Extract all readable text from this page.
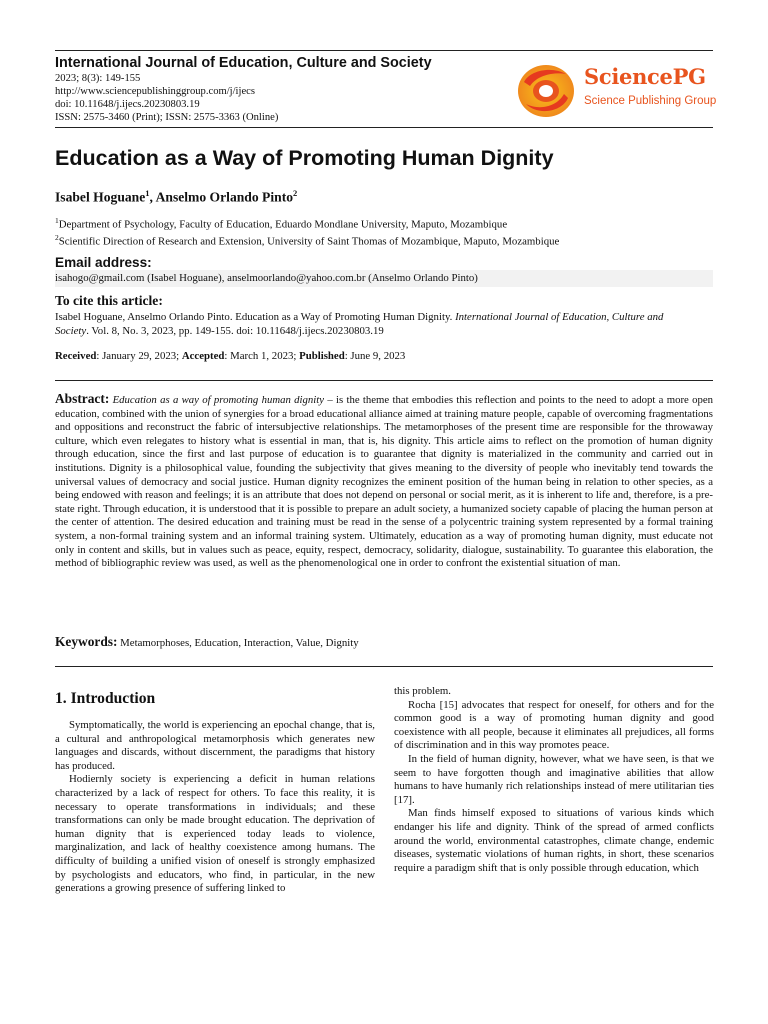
International Journal of Education, Culture and Society
2023; 8(3): 149-155
http://www.sciencepublishinggroup.com/j/ijecs
doi: 10.11648/j.ijecs.20230803.19
ISSN: 2575-3460 (Print); ISSN: 2575-3363 (Online)
SciencePG
Science Publishing Group
Education as a Way of Promoting Human Dignity
Isabel Hoguane$^1$, Anselmo Orlando Pinto$^2$
$^1$Department of Psychology, Faculty of Education, Eduardo Mondlane University, Maputo, Mozambique
$^2$Scientific Direction of Research and Extension, University of Saint Thomas of Mozambique, Maputo, Mozambique
Email address:
isahogo@gmail.com (Isabel Hoguane), anselmoorlando@yahoo.com.br (Anselmo Orlando Pinto)
To cite this article:
Isabel Hoguane, Anselmo Orlando Pinto. Education as a Way of Promoting Human Dignity. International Journal of Education, Culture and
Society. Vol. 8, No. 3, 2023, pp. 149-155. doi: 10.11648/j.ijecs.20230803.19
Received: January 29, 2023; Accepted: March 1, 2023; Published: June 9, 2023
Abstract: Education as a way of promoting human dignity – is the theme that embodies this reflection and points to the need to adopt a more open education, combined with the union of synergies for a broad educational alliance aimed at training mature people, capable of overcoming fragmentations and oppositions and reconstruct the fabric of intersubjective relationships. The metamorphoses of the present time are responsible for the throwaway culture, which even relegates to history what is essential in man, that is, his dignity. This article aims to reflect on the promotion of human dignity through education, since the first and last purpose of education is to guarantee that dignity is materialized in the community and carried out in institutions. Dignity is a philosophical value, founding the subjectivity that gives meaning to the diversity of people who inevitably tend towards the universal values of democracy and social justice. Human dignity recognizes the eminent position of the human being in relation to other species, as a being endowed with reason and feelings; it is an attribute that does not depend on personal or social merit, as it is inherent to life and, therefore, is a pre-state right. Through education, it is understood that it is possible to prepare an adult society, a humanized society capable of placing the human person at the center of attention. The desired education and training must be read in the sense of a polycentric training system represented by a formal training system, a non-formal training system and an informal training system. Ultimately, education as a way of promoting human dignity, must educate not only in content and skills, but in values such as peace, equity, respect, democracy, solidarity, dialogue, sustainability. To guarantee this elaboration, the method of bibliographic review was used, as well as the phenomenological one in order to confront the existential situation of man.
Keywords: Metamorphoses, Education, Interaction, Value, Dignity
1. Introduction

Symptomatically, the world is experiencing an epochal change, that is, a cultural and anthropological metamorphosis which generates new languages and discards, without discernment, the paradigms that history has produced.

Hodiernly society is experiencing a deficit in human relations characterized by a lack of respect for others. To face this reality, it is necessary to operate transformations in individuals; and these transformations can only be made brought education. The deprivation of human dignity that is experienced today leads to violence, marginalization, and lack of healthy coexistence among humans. The difficulty of building a unified vision of oneself is strongly emphasized by psychologists and educators, who find, in particular, in the new generations a growing presence of suffering linked to

this problem.

Rocha [15] advocates that respect for oneself, for others and for the common good is a way of promoting human dignity and good coexistence with all people, because it eliminates all prejudices, all forms of discrimination and in this way promotes peace.

In the field of human dignity, however, what we have seen, is that we seem to have forgotten though and imaginative abilities that allow humans to have humanly rich relationships instead of mere utilitarian ties [17].

Man finds himself exposed to situations of various kinds which endanger his life and dignity. Think of the spread of armed conflicts around the world, environmental catastrophes, climate change, endemic diseases, systematic violations of human rights, in short, these scenarios require a paradigm shift that is only possible through education, which
